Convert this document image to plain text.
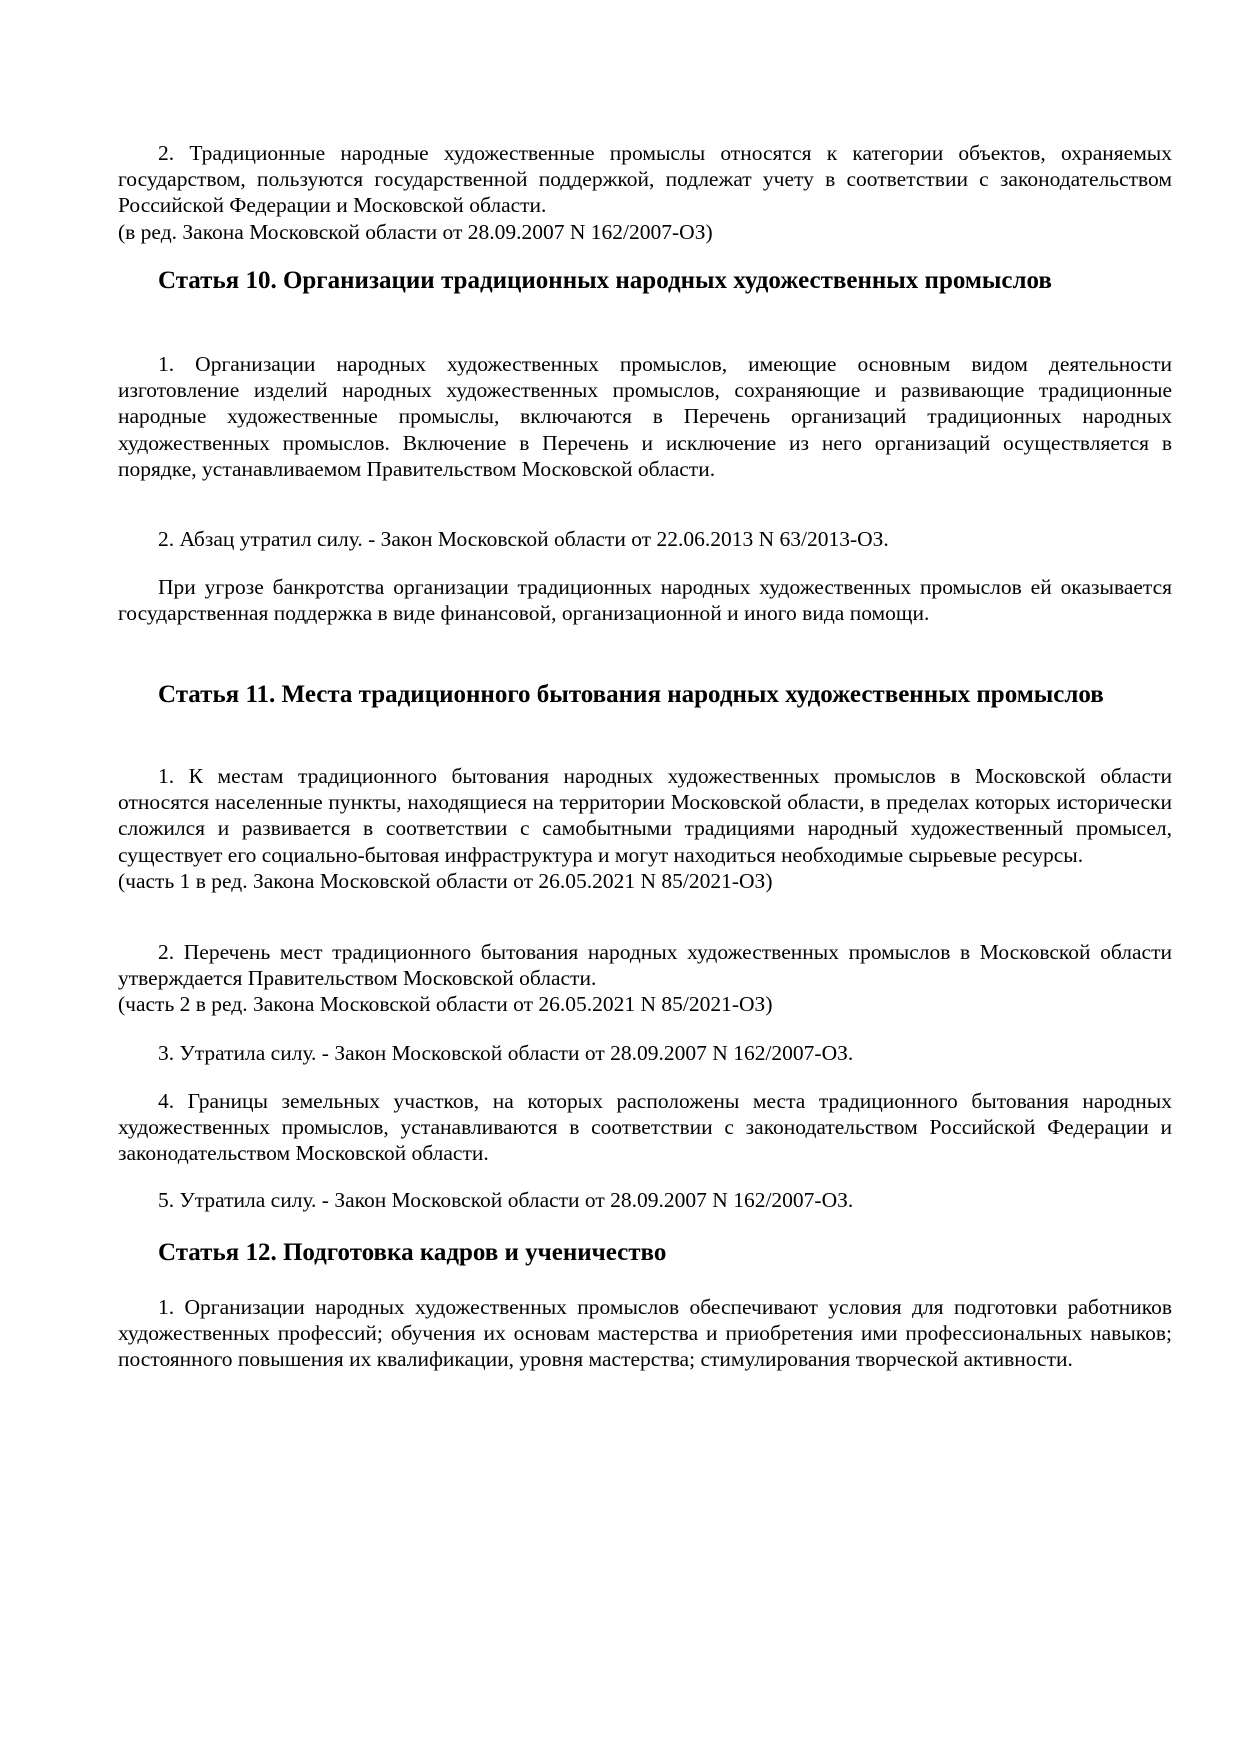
2. Традиционные народные художественные промыслы относятся к категории объектов, охраняемых государством, пользуются государственной поддержкой, подлежат учету в соответствии с законодательством Российской Федерации и Московской области.

(в ред. Закона Московской области от 28.09.2007 N 162/2007-ОЗ)

Статья 10. Организации традиционных народных художественных промыслов

1. Организации народных художественных промыслов, имеющие основным видом деятельности изготовление изделий народных художественных промыслов, сохраняющие и развивающие традиционные народные художественные промыслы, включаются в Перечень организаций традиционных народных художественных промыслов. Включение в Перечень и исключение из него организаций осуществляется в порядке, устанавливаемом Правительством Московской области.

2. Абзац утратил силу. - Закон Московской области от 22.06.2013 N 63/2013-ОЗ.

При угрозе банкротства организации традиционных народных художественных промыслов ей оказывается государственная поддержка в виде финансовой, организационной и иного вида помощи.

Статья 11. Места традиционного бытования народных художественных промыслов

1. К местам традиционного бытования народных художественных промыслов в Московской области относятся населенные пункты, находящиеся на территории Московской области, в пределах которых исторически сложился и развивается в соответствии с самобытными традициями народный художественный промысел, существует его социально-бытовая инфраструктура и могут находиться необходимые сырьевые ресурсы.

(часть 1 в ред. Закона Московской области от 26.05.2021 N 85/2021-ОЗ)

2. Перечень мест традиционного бытования народных художественных промыслов в Московской области утверждается Правительством Московской области.

(часть 2 в ред. Закона Московской области от 26.05.2021 N 85/2021-ОЗ)

3. Утратила силу. - Закон Московской области от 28.09.2007 N 162/2007-ОЗ.

4. Границы земельных участков, на которых расположены места традиционного бытования народных художественных промыслов, устанавливаются в соответствии с законодательством Российской Федерации и законодательством Московской области.

5. Утратила силу. - Закон Московской области от 28.09.2007 N 162/2007-ОЗ.

Статья 12. Подготовка кадров и ученичество

1. Организации народных художественных промыслов обеспечивают условия для подготовки работников художественных профессий; обучения их основам мастерства и приобретения ими профессиональных навыков; постоянного повышения их квалификации, уровня мастерства; стимулирования творческой активности.
